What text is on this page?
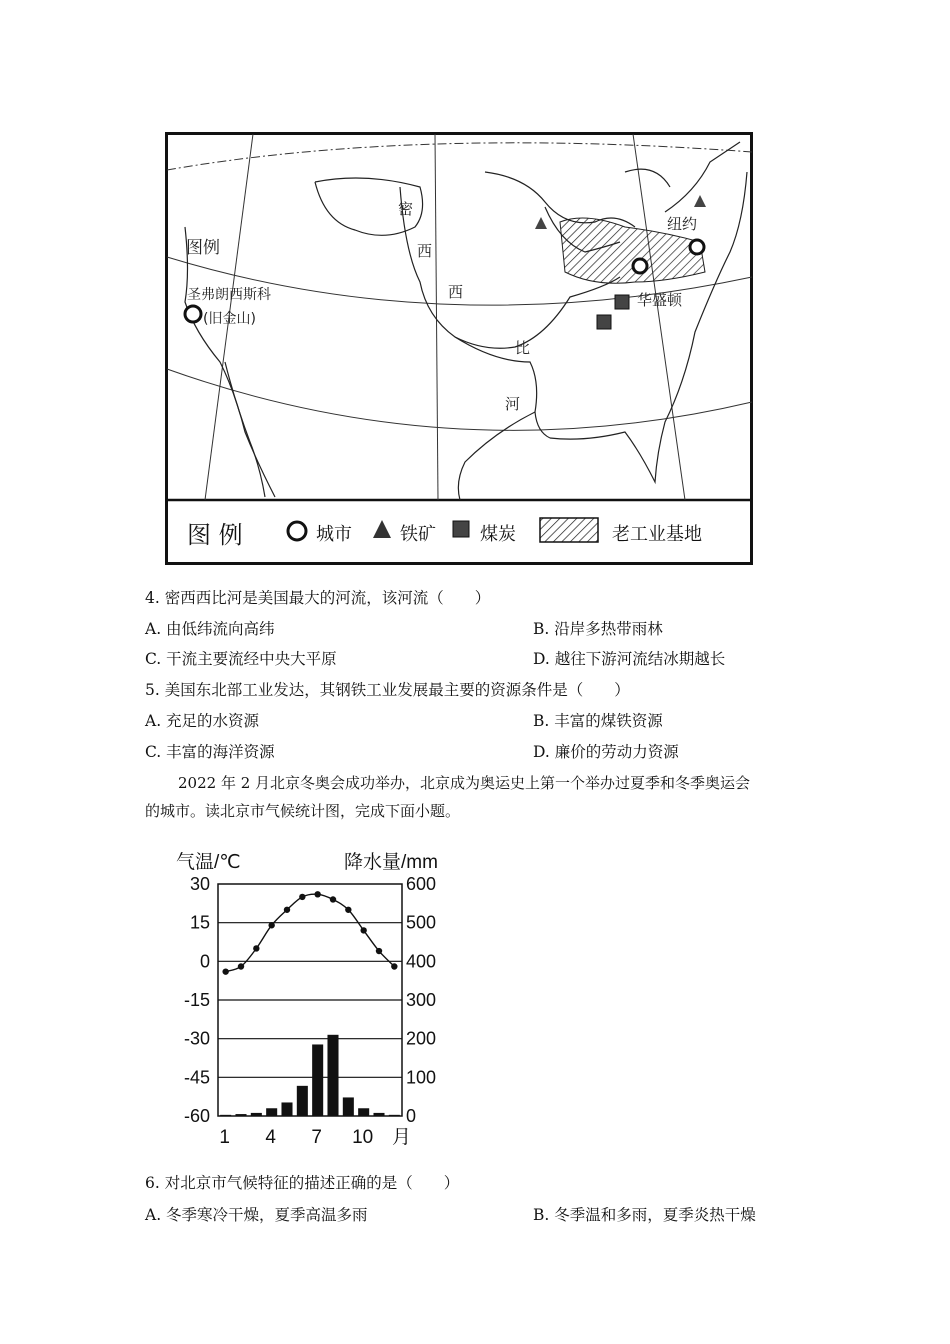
密
西
西
比
河
图例
圣弗朗西斯科
(旧金山)
纽约
华盛顿
图 例	城市	铁矿 煤炭	老工业基地
4. 密西西比河是美国最大的河流，该河流（　　）
A. 由低纬流向高纬	B. 沿岸多热带雨林
C. 干流主要流经中央大平原	D. 越往下游河流结冰期越长
5. 美国东北部工业发达，其钢铁工业发展最主要的资源条件是（　　）
A. 充足的水资源	B. 丰富的煤铁资源
C. 丰富的海洋资源	D. 廉价的劳动力资源
2022 年 2 月北京冬奥会成功举办，北京成为奥运史上第一个举办过夏季和冬季奥运会
的城市。读北京市气候统计图，完成下面小题。
气温/℃	降水量/mm
30
15
0
-15
-30
-45
-60
600
500
400
300
200
100
0
1 4 7 10 月
6. 对北京市气候特征的描述正确的是（　　）
A. 冬季寒冷干燥，夏季高温多雨	B. 冬季温和多雨，夏季炎热干燥
